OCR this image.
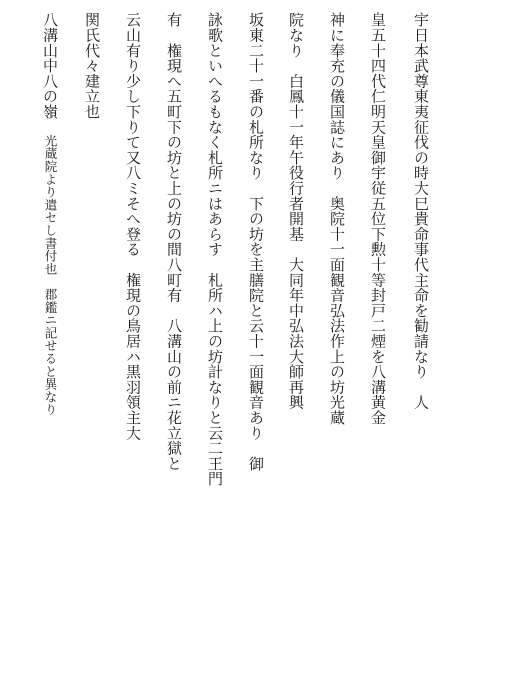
宇日本武尊東夷征伐の時大巳貴命事代主命を勧請なり　人
皇五十四代仁明天皇御宇従五位下勲十等封戸二煙を八溝黄金
神に奉充の儀国誌にあり　奥院十一面観音弘法作上の坊光蔵
院なり　白鳳十一年午役行者開基　大同年中弘法大師再興
坂東二十一番の札所なり　下の坊を主膳院と云十一面観音あり　御
詠歌といへるもなく札所ニはあらす　札所ハ上の坊計なりと云二王門
有　権現へ五町下の坊と上の坊の間八町有　八溝山の前ニ花立獄と
云山有り少し下りて又八ミそへ登る　権現の鳥居ハ黒羽領主大
関氏代々建立也
八溝山中八の嶺　光蔵院より遣セし書付也　郡鑑ニ記せると異なり
